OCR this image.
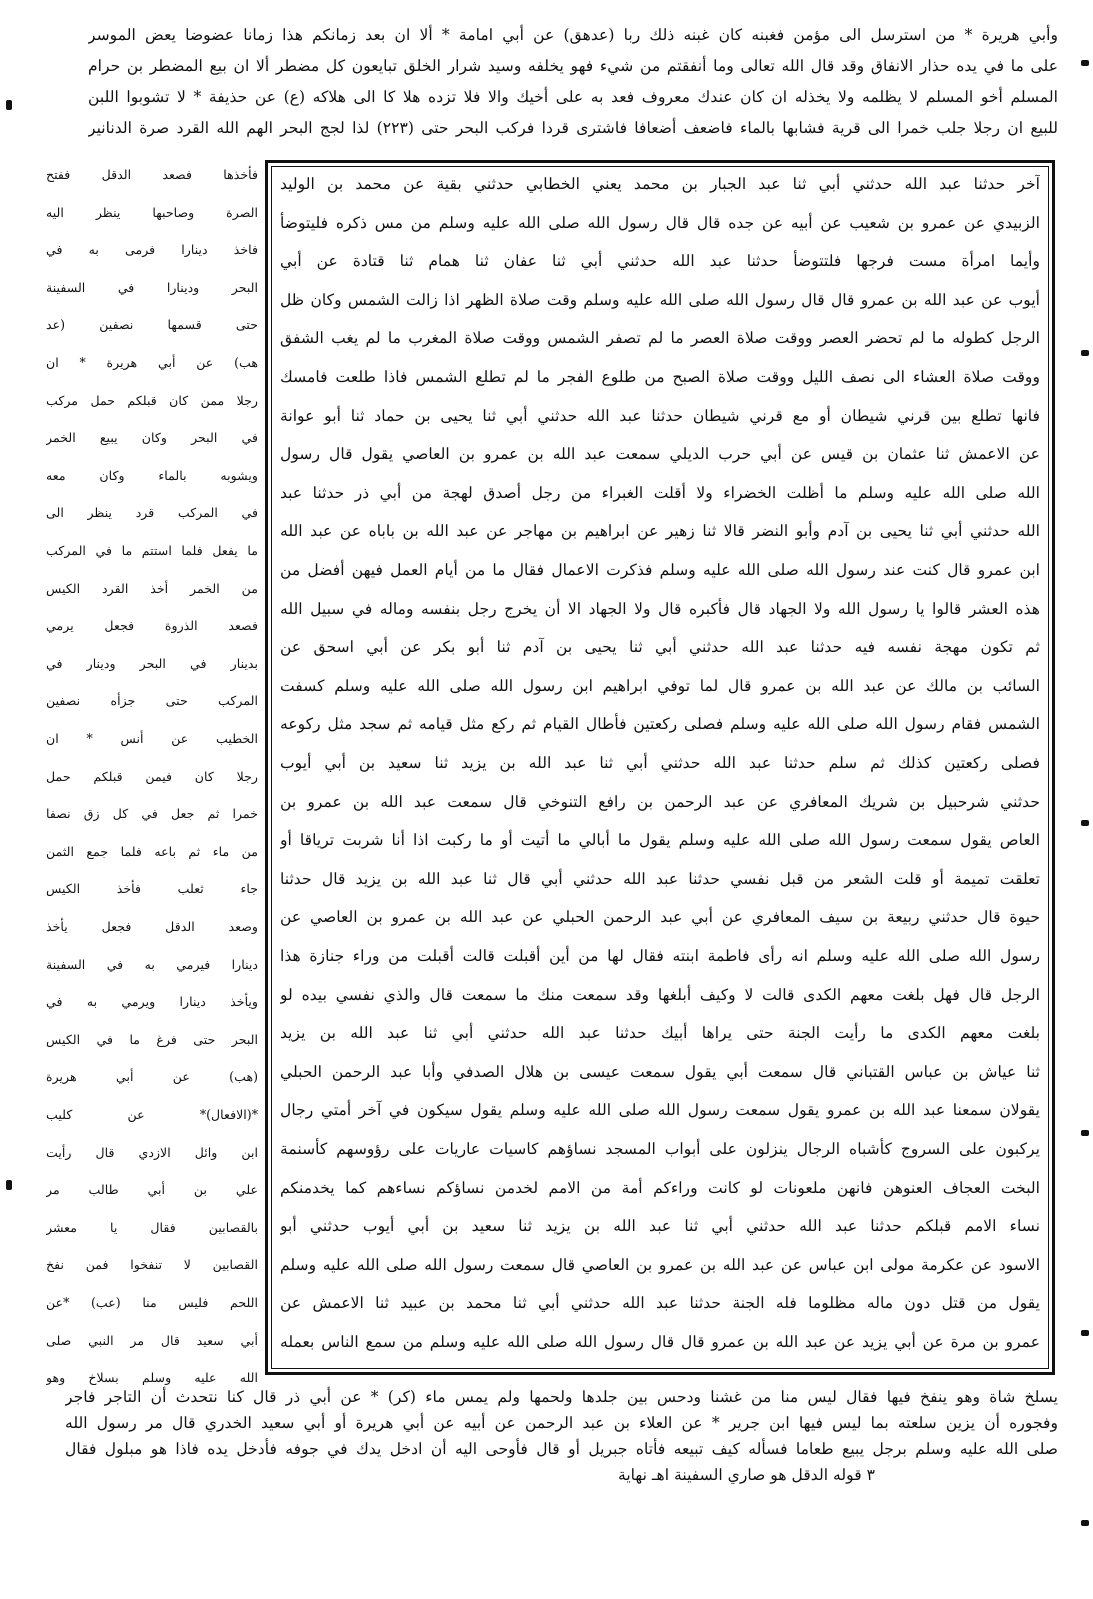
وأبي هريرة * من استرسل الى مؤمن فغبنه كان غبنه ذلك ربا (عدهق) عن أبي امامة * ألا ان بعد زمانكم هذا زمانا عضوضا يعض الموسر
على ما في يده حذار الانفاق وقد قال الله تعالى وما أنفقتم من شيء فهو يخلفه وسيد شرار الخلق تبايعون كل مضطر ألا ان بيع المضطر بن حرام
المسلم أخو المسلم لا يظلمه ولا يخذله ان كان عندك معروف فعد به على أخيك والا فلا تزده هلا كا الى هلاكه (ع) عن حذيفة * لا تشوبوا اللبن
للبيع ان رجلا جلب خمرا الى قرية فشابها بالماء فاضعف أضعافا فاشترى قردا فركب البحر حتى (٢٢٣) لذا لجج البحر الهم الله القرد صرة الدنانير
فأخذها فصعد الدقل ففتح
الصرة وصاحبها ينظر اليه
فاخذ دينارا فرمى به في
البحر ودينارا في السفينة
حتى قسمها نصفين (عد
هب) عن أبي هريرة * ان
رجلا ممن كان قبلكم حمل مركب
في البحر وكان يبيع الخمر
ويشوبه بالماء وكان معه
في المركب قرد ينظر الى
ما يفعل فلما استتم ما في المركب
من الخمر أخذ القرد الكيس
فصعد الذروة فجعل يرمي
بدينار في البحر ودينار في
المركب حتى جزأه نصفين
الخطيب عن أنس * ان
رجلا كان فيمن قبلكم حمل
خمرا ثم جعل في كل زق نصفا
من ماء ثم باعه فلما جمع الثمن
جاء ثعلب فأخذ الكيس
وصعد الدقل فجعل يأخذ
دينارا فيرمي به في السفينة
ويأخذ دينارا ويرمي به في
البحر حتى فرغ ما في الكيس
(هب) عن أبي هريرة
*(الافعال)* عن كليب
ابن وائل الازدي قال رأيت
علي بن أبي طالب مر
بالقصابين فقال يا معشر
القصابين لا تنفخوا فمن نفخ
اللحم فليس منا (عب) *عن
أبي سعيد قال مر النبي صلى
الله عليه وسلم بسلاخ وهو
آخر حدثنا عبد الله حدثني أبي ثنا عبد الجبار بن محمد يعني الخطابي حدثني بقية عن محمد بن الوليد
الزبيدي عن عمرو بن شعيب عن أبيه عن جده قال قال رسول الله صلى الله عليه وسلم من مس ذكره فليتوضأ
وأيما امرأة مست فرجها فلتتوضأ حدثنا عبد الله حدثني أبي ثنا عفان ثنا همام ثنا قتادة عن أبي
أيوب عن عبد الله بن عمرو قال قال رسول الله صلى الله عليه وسلم وقت صلاة الظهر اذا زالت الشمس وكان ظل
الرجل كطوله ما لم تحضر العصر ووقت صلاة العصر ما لم تصفر الشمس ووقت صلاة المغرب ما لم يغب الشفق
ووقت صلاة العشاء الى نصف الليل ووقت صلاة الصبح من طلوع الفجر ما لم تطلع الشمس فاذا طلعت فامسك
فانها تطلع بين قرني شيطان أو مع قرني شيطان حدثنا عبد الله حدثني أبي ثنا يحيى بن حماد ثنا أبو عوانة
عن الاعمش ثنا عثمان بن قيس عن أبي حرب الديلي سمعت عبد الله بن عمرو بن العاصي يقول قال رسول
الله صلى الله عليه وسلم ما أظلت الخضراء ولا أقلت الغبراء من رجل أصدق لهجة من أبي ذر حدثنا عبد
الله حدثني أبي ثنا يحيى بن آدم وأبو النضر قالا ثنا زهير عن ابراهيم بن مهاجر عن عبد الله بن باباه عن عبد الله
ابن عمرو قال كنت عند رسول الله صلى الله عليه وسلم فذكرت الاعمال فقال ما من أيام العمل فيهن أفضل من
هذه العشر قالوا يا رسول الله ولا الجهاد قال فأكبره قال ولا الجهاد الا أن يخرج رجل بنفسه وماله في سبيل الله
ثم تكون مهجة نفسه فيه حدثنا عبد الله حدثني أبي ثنا يحيى بن آدم ثنا أبو بكر عن أبي اسحق عن
السائب بن مالك عن عبد الله بن عمرو قال لما توفي ابراهيم ابن رسول الله صلى الله عليه وسلم كسفت
الشمس فقام رسول الله صلى الله عليه وسلم فصلى ركعتين فأطال القيام ثم ركع مثل قيامه ثم سجد مثل ركوعه
فصلى ركعتين كذلك ثم سلم حدثنا عبد الله حدثني أبي ثنا عبد الله بن يزيد ثنا سعيد بن أبي أيوب
حدثني شرحبيل بن شريك المعافري عن عبد الرحمن بن رافع التنوخي قال سمعت عبد الله بن عمرو بن
العاص يقول سمعت رسول الله صلى الله عليه وسلم يقول ما أبالي ما أتيت أو ما ركبت اذا أنا شربت ترياقا أو
تعلقت تميمة أو قلت الشعر من قبل نفسي حدثنا عبد الله حدثني أبي قال ثنا عبد الله بن يزيد قال حدثنا
حيوة قال حدثني ربيعة بن سيف المعافري عن أبي عبد الرحمن الحبلي عن عبد الله بن عمرو بن العاصي عن
رسول الله صلى الله عليه وسلم انه رأى فاطمة ابنته فقال لها من أين أقبلت قالت أقبلت من وراء جنازة هذا
الرجل قال فهل بلغت معهم الكدى قالت لا وكيف أبلغها وقد سمعت منك ما سمعت قال والذي نفسي بيده لو
بلغت معهم الكدى ما رأيت الجنة حتى يراها أبيك حدثنا عبد الله حدثني أبي ثنا عبد الله بن يزيد
ثنا عياش بن عباس القتباني قال سمعت أبي يقول سمعت عيسى بن هلال الصدفي وأبا عبد الرحمن الحبلي
يقولان سمعنا عبد الله بن عمرو يقول سمعت رسول الله صلى الله عليه وسلم يقول سيكون في آخر أمتي رجال
يركبون على السروج كأشباه الرجال ينزلون على أبواب المسجد نساؤهم كاسيات عاريات على رؤوسهم كأسنمة
البخت العجاف العنوهن فانهن ملعونات لو كانت وراءكم أمة من الامم لخدمن نساؤكم نساءهم كما يخدمنكم
نساء الامم قبلكم حدثنا عبد الله حدثني أبي ثنا عبد الله بن يزيد ثنا سعيد بن أبي أيوب حدثني أبو
الاسود عن عكرمة مولى ابن عباس عن عبد الله بن عمرو بن العاصي قال سمعت رسول الله صلى الله عليه وسلم
يقول من قتل دون ماله مظلوما فله الجنة حدثنا عبد الله حدثني أبي ثنا محمد بن عبيد ثنا الاعمش عن
عمرو بن مرة عن أبي يزيد عن عبد الله بن عمرو قال قال رسول الله صلى الله عليه وسلم من سمع الناس بعمله
يسلخ شاة وهو ينفخ فيها فقال ليس منا من غشنا ودحس بين جلدها ولحمها ولم يمس ماء (كر) * عن أبي ذر قال كنا نتحدث أن التاجر فاجر
وفجوره أن يزين سلعته بما ليس فيها ابن جرير * عن العلاء بن عبد الرحمن عن أبيه عن أبي هريرة أو أبي سعيد الخدري قال مر رسول الله
صلى الله عليه وسلم برجل يبيع طعاما فسأله كيف تبيعه فأتاه جبريل أو قال فأوحى اليه أن ادخل يدك في جوفه فأدخل يده فاذا هو مبلول فقال
٣ قوله الدقل هو صاري السفينة اهـ نهاية
